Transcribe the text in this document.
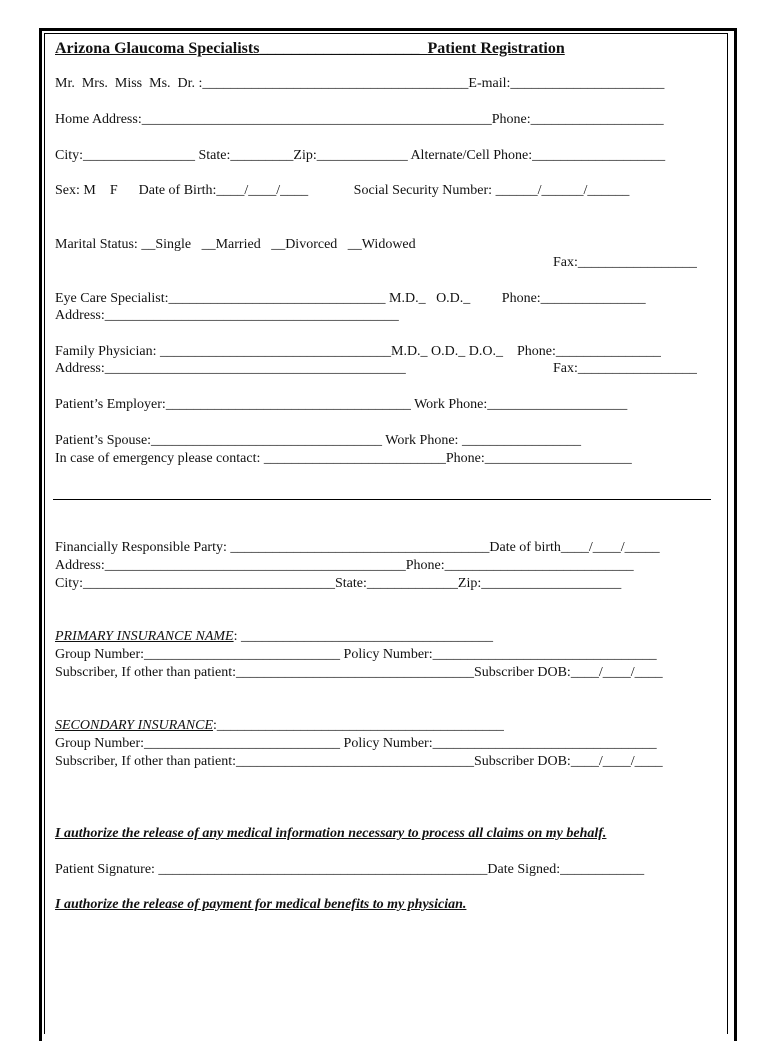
Arizona Glaucoma Specialists____________________ Patient Registration
Mr.  Mrs.  Miss  Ms.  Dr. :______________________________________E-mail:______________________
Home Address:__________________________________________________Phone:___________________
City:________________ State:_________Zip:_____________ Alternate/Cell Phone:___________________
Sex: M    F      Date of Birth:____/____/____             Social Security Number: ______/______/______
Marital Status: __Single   __Married   __Divorced   __Widowed
Fax:_________________
Eye Care Specialist:_______________________________ M.D._   O.D._         Phone:_______________
Address:__________________________________________
Family Physician: _________________________________M.D._ O.D._ D.O._    Phone:_______________
Address:___________________________________________	Fax:_________________
Patient’s Employer:___________________________________ Work Phone:____________________
Patient’s Spouse:_________________________________ Work Phone: _________________
In case of emergency please contact: __________________________Phone:_____________________
Financially Responsible Party: _____________________________________Date of birth____/____/_____
Address:___________________________________________Phone:___________________________
City:____________________________________State:_____________Zip:____________________
PRIMARY INSURANCE NAME: ____________________________________
Group Number:____________________________ Policy Number:________________________________
Subscriber, If other than patient:__________________________________Subscriber DOB:____/____/____
SECONDARY INSURANCE:_________________________________________
Group Number:____________________________ Policy Number:________________________________
Subscriber, If other than patient:__________________________________Subscriber DOB:____/____/____
I authorize the release of any medical information necessary to process all claims on my behalf.
Patient Signature: _______________________________________________Date Signed:____________
I authorize the release of payment for medical benefits to my physician.
